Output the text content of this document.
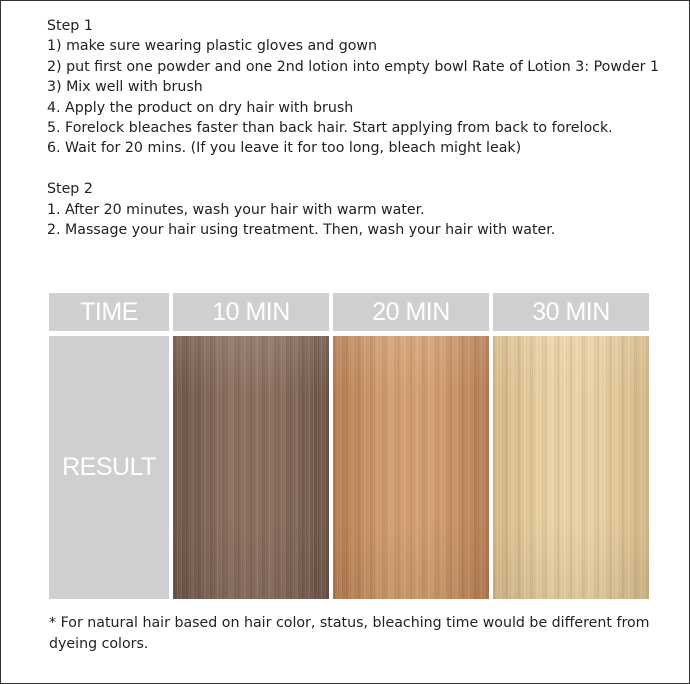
Step 1

1) make sure wearing plastic gloves and gown
2) put first one powder and one 2nd lotion into empty bowl Rate of Lotion 3: Powder 1
3) Mix well with brush
4. Apply the product on dry hair with brush
5. Forelock bleaches faster than back hair. Start applying from back to forelock.
6. Wait for 20 mins. (If you leave it for too long, bleach might leak)

Step 2

1. After 20 minutes, wash your hair with warm water.
2. Massage your hair using treatment. Then, wash your hair with water.
TIME	10 MIN	20 MIN	30 MIN
RESULT
* For natural hair based on hair color, status, bleaching time would be different from dyeing colors.
